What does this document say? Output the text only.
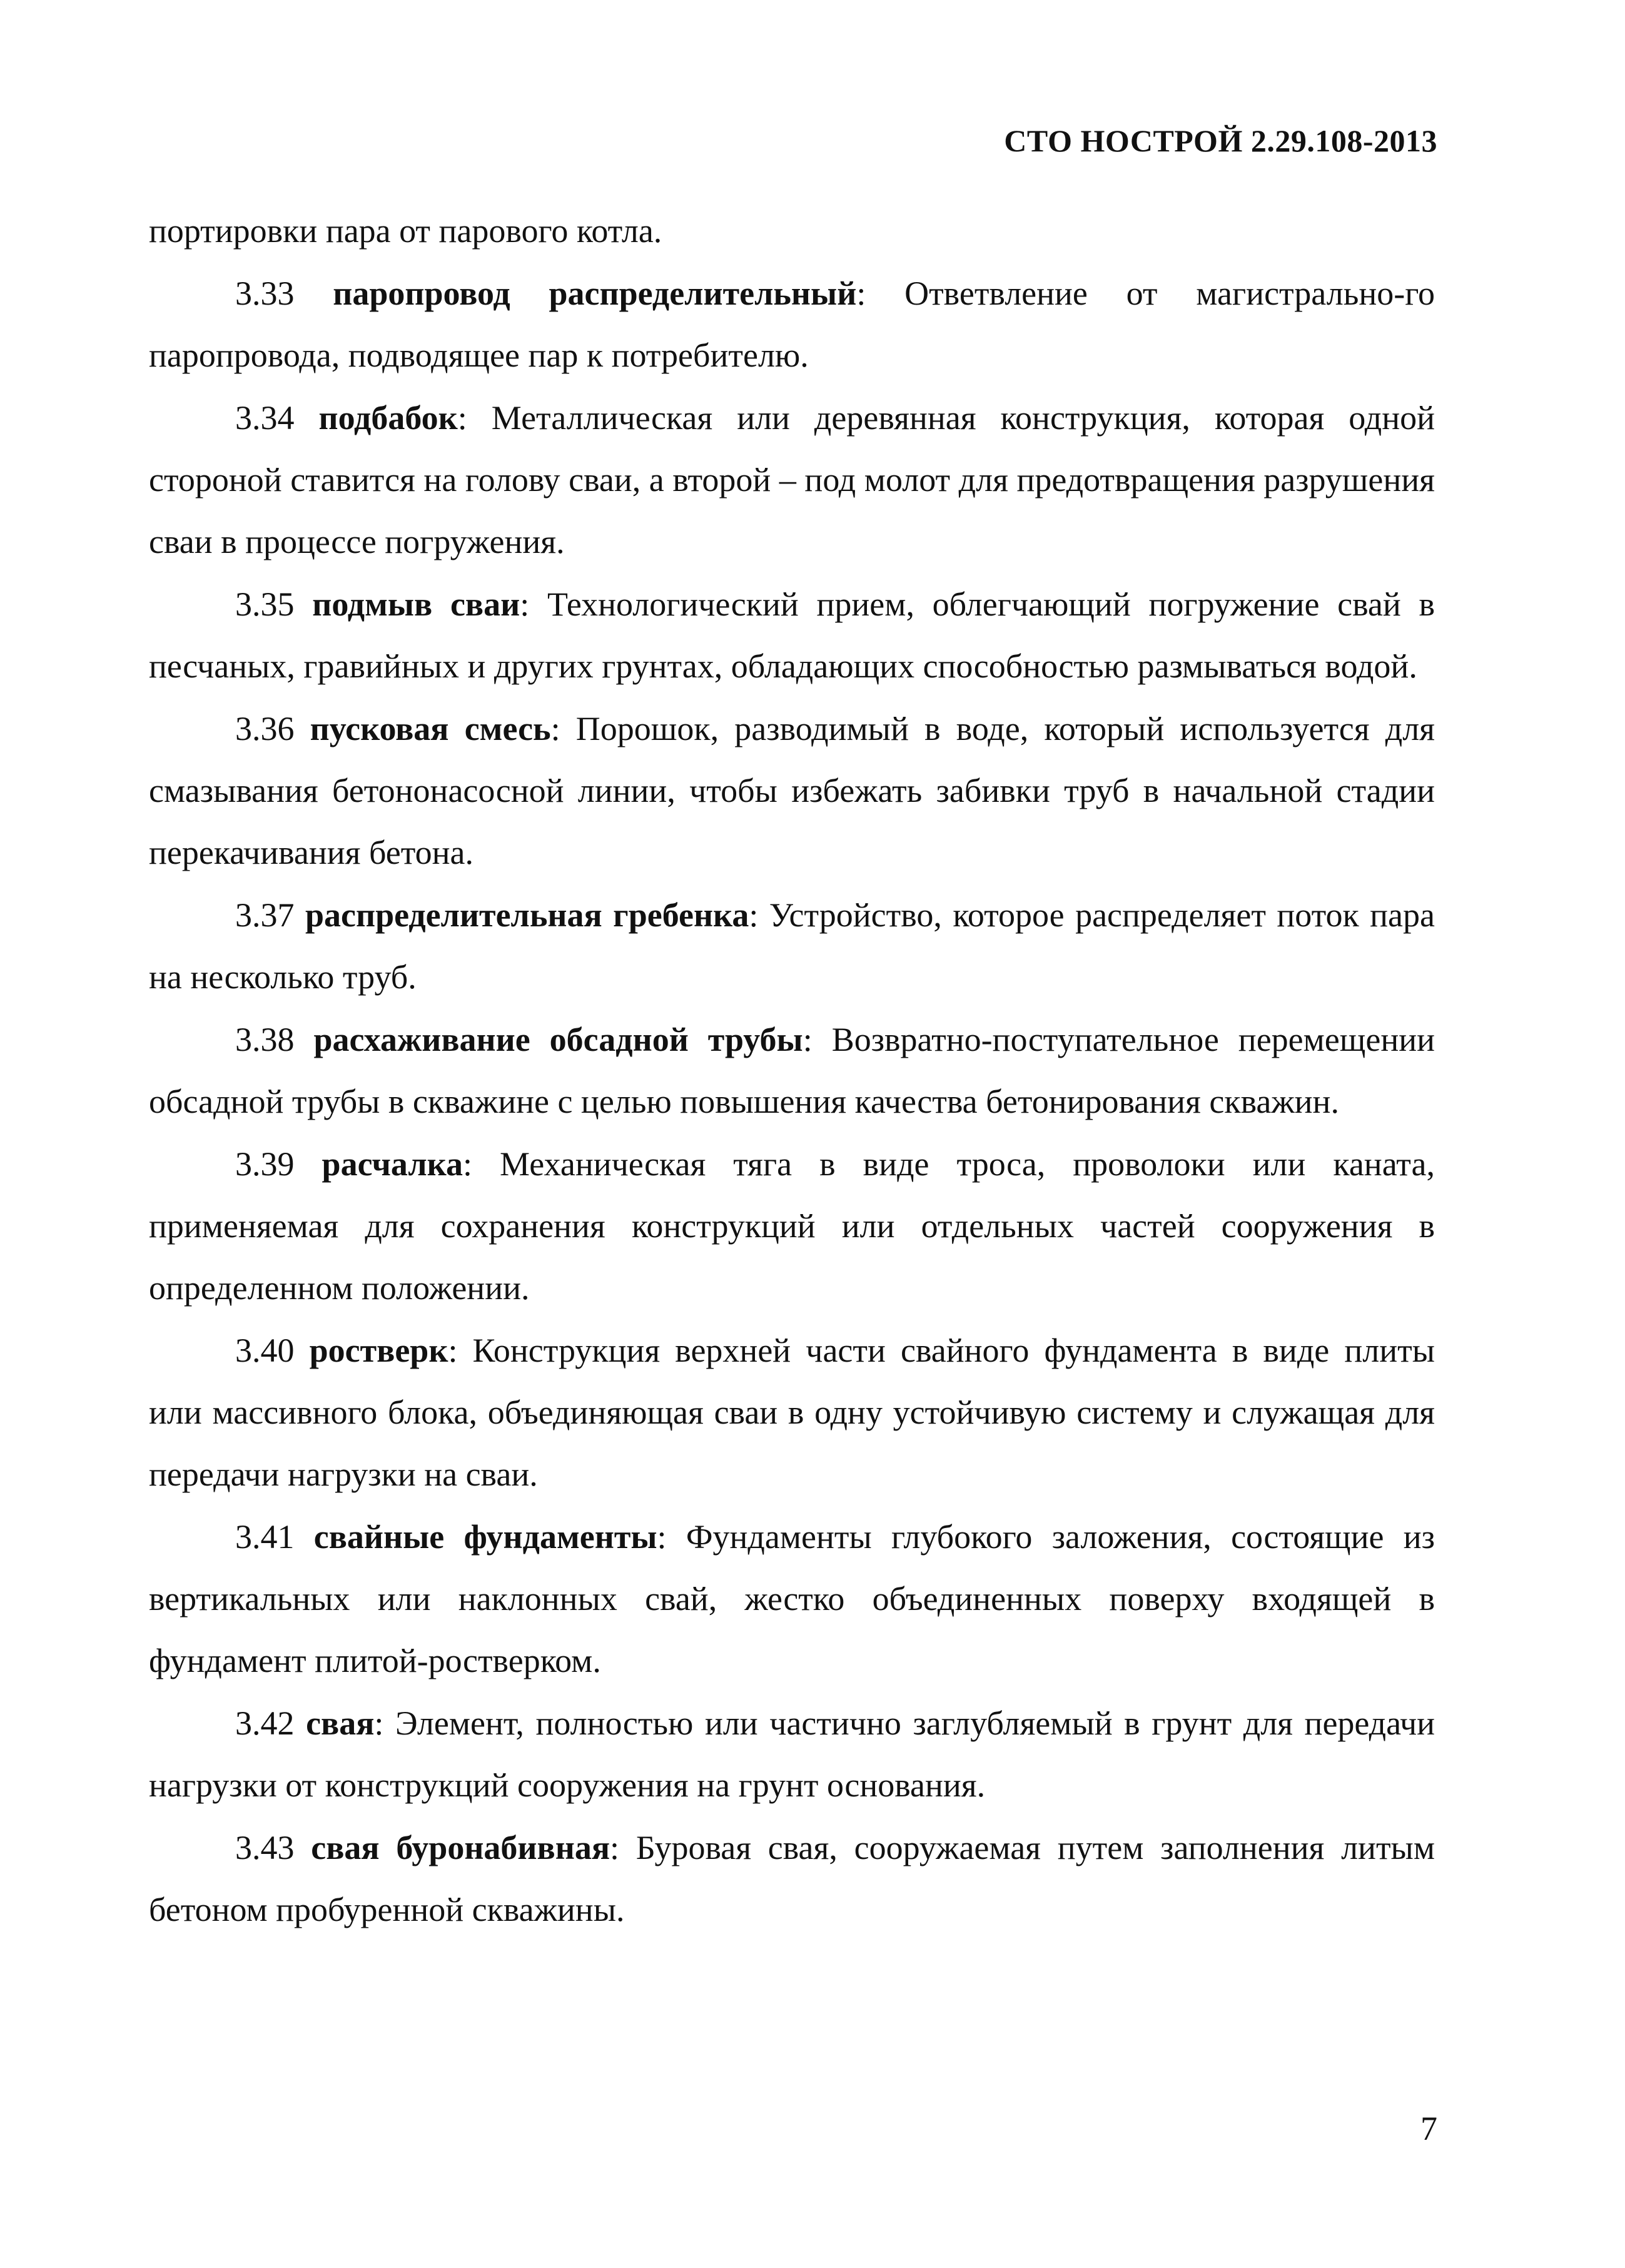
СТО НОСТРОЙ 2.29.108-2013

портировки пара от парового котла.

3.33 паропровод распределительный: Ответвление от магистрально-го паропровода, подводящее пар к потребителю.

3.34 подбабок: Металлическая или деревянная конструкция, которая одной стороной ставится на голову сваи, а второй – под молот для предотвращения разрушения сваи в процессе погружения.

3.35 подмыв сваи: Технологический прием, облегчающий погружение свай в песчаных, гравийных и других грунтах, обладающих способностью размываться водой.

3.36 пусковая смесь: Порошок, разводимый в воде, который используется для смазывания бетононасосной линии, чтобы избежать забивки труб в начальной стадии перекачивания бетона.

3.37 распределительная гребенка: Устройство, которое распределяет поток пара на несколько труб.

3.38 расхаживание обсадной трубы: Возвратно-поступательное перемещении обсадной трубы в скважине с целью повышения качества бетонирования скважин.

3.39 расчалка: Механическая тяга в виде троса, проволоки или каната, применяемая для сохранения конструкций или отдельных частей сооружения в определенном положении.

3.40 ростверк: Конструкция верхней части свайного фундамента в виде плиты или массивного блока, объединяющая сваи в одну устойчивую систему и служащая для передачи нагрузки на сваи.

3.41 свайные фундаменты: Фундаменты глубокого заложения, состоящие из вертикальных или наклонных свай, жестко объединенных поверху входящей в фундамент плитой-ростверком.

3.42 свая: Элемент, полностью или частично заглубляемый в грунт для передачи нагрузки от конструкций сооружения на грунт основания.

3.43 свая буронабивная: Буровая свая, сооружаемая путем заполнения литым бетоном пробуренной скважины.

7
